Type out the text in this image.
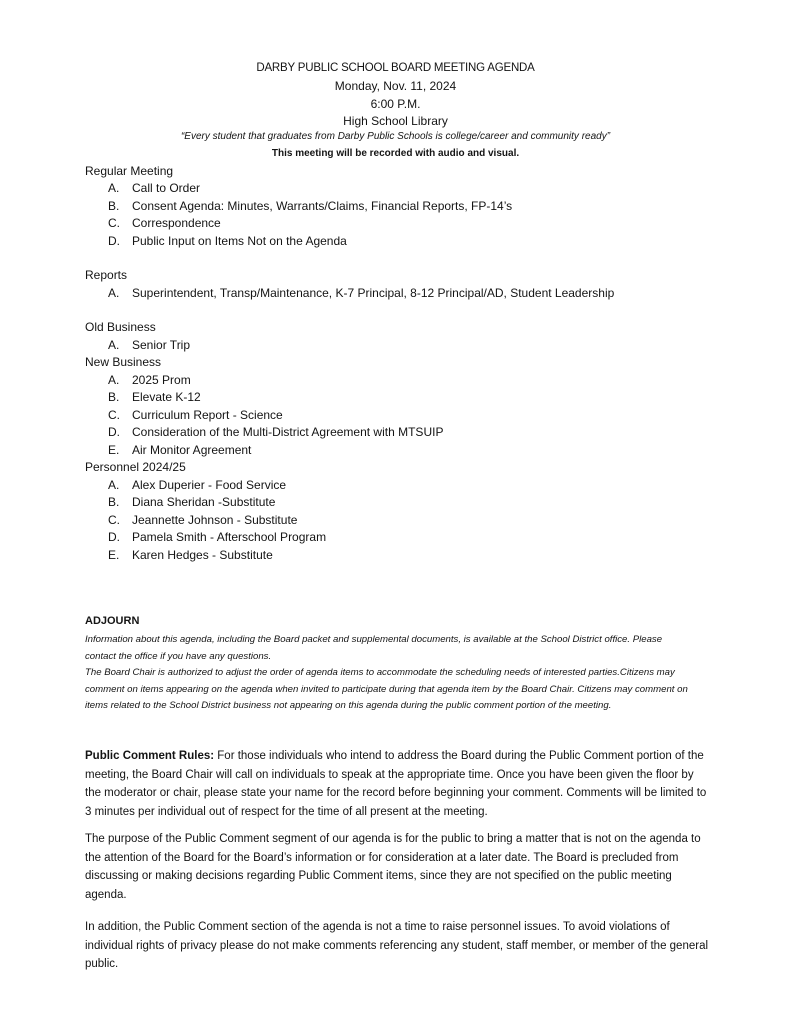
DARBY PUBLIC SCHOOL BOARD MEETING AGENDA
Monday, Nov. 11, 2024
6:00 P.M.
High School Library
“Every student that graduates from Darby Public Schools is college/career and community ready”
This meeting will be recorded with audio and visual.
Regular Meeting
A. Call to Order
B. Consent Agenda: Minutes, Warrants/Claims, Financial Reports, FP-14’s
C. Correspondence
D. Public Input on Items Not on the Agenda
Reports
A. Superintendent, Transp/Maintenance, K-7 Principal, 8-12 Principal/AD, Student Leadership
Old Business
A. Senior Trip
New Business
A. 2025 Prom
B. Elevate K-12
C. Curriculum Report - Science
D. Consideration of the Multi-District Agreement with MTSUIP
E. Air Monitor Agreement
Personnel 2024/25
A. Alex Duperier - Food Service
B. Diana Sheridan -Substitute
C. Jeannette Johnson - Substitute
D. Pamela Smith - Afterschool Program
E. Karen Hedges - Substitute
ADJOURN

Information about this agenda, including the Board packet and supplemental documents, is available at the School District office. Please contact the office if you have any questions.

The Board Chair is authorized to adjust the order of agenda items to accommodate the scheduling needs of interested parties.Citizens may comment on items appearing on the agenda when invited to participate during that agenda item by the Board Chair. Citizens may comment on items related to the School District business not appearing on this agenda during the public comment portion of the meeting.

Public Comment Rules: For those individuals who intend to address the Board during the Public Comment portion of the meeting, the Board Chair will call on individuals to speak at the appropriate time. Once you have been given the floor by the moderator or chair, please state your name for the record before beginning your comment. Comments will be limited to 3 minutes per individual out of respect for the time of all present at the meeting.

The purpose of the Public Comment segment of our agenda is for the public to bring a matter that is not on the agenda to the attention of the Board for the Board’s information or for consideration at a later date. The Board is precluded from discussing or making decisions regarding Public Comment items, since they are not specified on the public meeting agenda.

In addition, the Public Comment section of the agenda is not a time to raise personnel issues. To avoid violations of individual rights of privacy please do not make comments referencing any student, staff member, or member of the general public.
